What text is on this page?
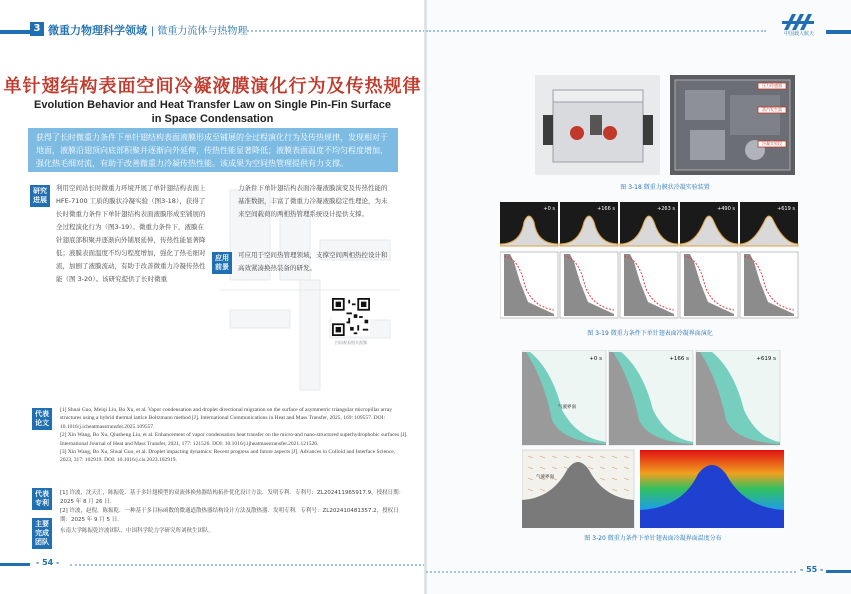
3 微重力物理科学领域 | 微重力流体与热物理
单针翅结构表面空间冷凝液膜演化行为及传热规律
Evolution Behavior and Heat Transfer Law on Single Pin-Fin Surface
in Space Condensation
获得了长时微重力条件下单针翅结构表面液膜形成至铺展的全过程演化行为及传热规律，发现相对于地面，液膜沿翅顶向底部积聚并逐渐向外延伸，传热性能显著降低；液膜表面温度不均匀程度增加，强化热毛细对流，有助于改善微重力冷凝传热性能。该成果为空间热管理提供有力支撑。
研究进展
利用空间站长时微重力环境开展了单针翅结构表面上 HFE-7100 工质的膜状冷凝实验（图3-18），获得了长时微重力条件下单针翅结构表面液膜形成至铺展的全过程演化行为（图3-19）。微重力条件下，液膜在针翅底部积聚并逐渐向外铺展延伸，传热性能显著降低；液膜表面温度不均匀程度增加，强化了热毛细对流，加剧了液膜流动，有助于改善微重力冷凝传热性能（图 3-20）。该研究提供了长时微重
力条件下单针翅结构表面冷凝液膜演变及传热性能的基准数据，丰富了微重力冷凝液膜稳定性理论，为未来空间载荷的两相热管理系统设计提供支撑。
应用前景
可应用于空间热管理领域，支撑空间两相热控设计和高效紧凑换热装备的研发。
扫码观看相关视频
代表论文
[1] Shuai Guo, Meiqi Liu, Bo Xu, et al. Vapor condensation and droplet directional migration on the surface of asymmetric triangular micropillar array structures using a hybrid thermal lattice Boltzmann method [J]. International Communications in Heat and Mass Transfer, 2025, 169: 109557. DOI: 10.1016/j.icheatmasstransfer.2025.109557.
[2] Xin Wang, Bo Xu, Qiusheng Liu, et al. Enhancement of vapor condensation heat transfer on the micro-and nano-structured superhydrophobic surfaces [J]. International Journal of Heat and Mass Transfer, 2021, 177: 121526. DOI: 10.1016/j.ijheatmasstransfer.2021.121526.
[3] Xin Wang, Bo Xu, Shuai Guo, et al. Droplet impacting dynamics: Recent progress and future aspects [J]. Advances in Colloid and Interface Science, 2023, 317: 102919. DOI: 10.1016/j.cis.2023.102919.
代表专利
[1] 许波，沈天汇，陈振乾．基于多针翅模型的双流体换热器结构拓扑优化设计方法．发明专利．专利号：ZL202411965917.9，授权日期：2025 年 8 月 26 日．
[2] 许波，赵倪，陈振乾．一种基于多目标函数的微通道散热器结构设计方法及散热器．发明专利．专利号：ZL202410481357.2，授权日期：2025 年 9 月 5 日．
主要完成团队
东南大学陈振乾许波团队、中国科学院力学研究所刘秋生团队。
- 54 -
中国载人航天
压力传感器
蒸汽发生器
冷凝实验段
图 3-18 微重力膜状冷凝实验装置
+0 s	+166 s	+263 s	+490 s	+619 s
图 3-19 微重力条件下单针翅表面冷凝界面演化
+0 s	+166 s	+619 s
气液界面
气液界面
图 3-20 微重力条件下单针翅表面冷凝界面温度分布
- 55 -
